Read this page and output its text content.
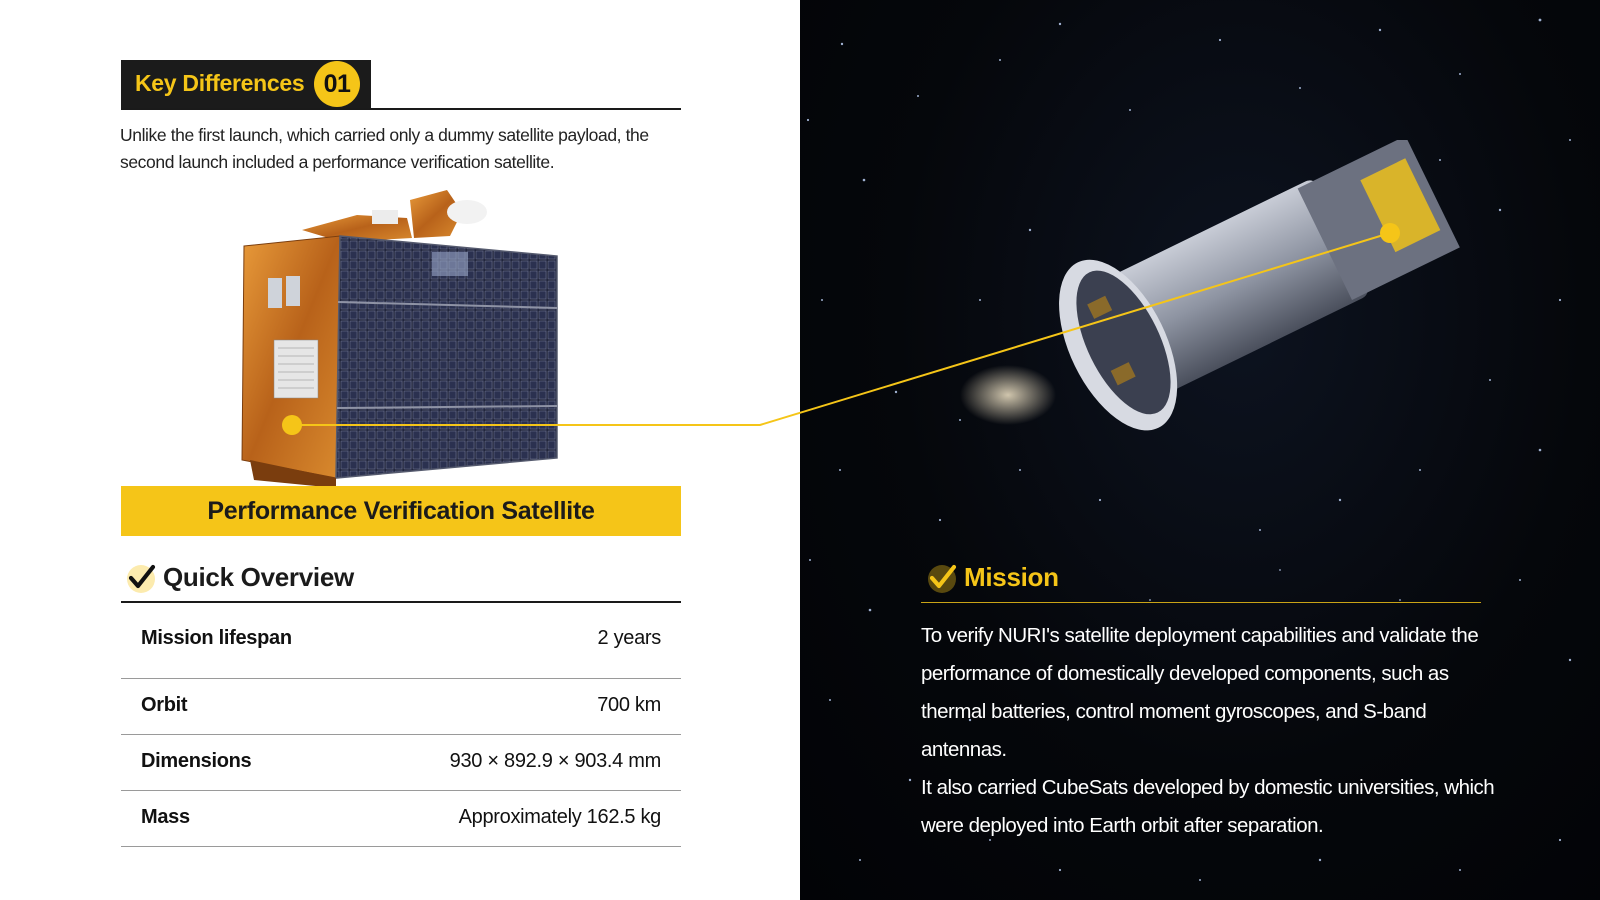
Key Differences 01

Unlike the first launch, which carried only a dummy satellite payload, the second launch included a performance verification satellite.

Performance Verification Satellite
Quick Overview
Mission lifespan	2 years
Orbit	700 km
Dimensions	930 × 892.9 × 903.4 mm
Mass	Approximately 162.5 kg
Mission

To verify NURI's satellite deployment capabilities and validate the performance of domestically developed components, such as thermal batteries, control moment gyroscopes, and S-band antennas.

It also carried CubeSats developed by domestic universities, which were deployed into Earth orbit after separation.
